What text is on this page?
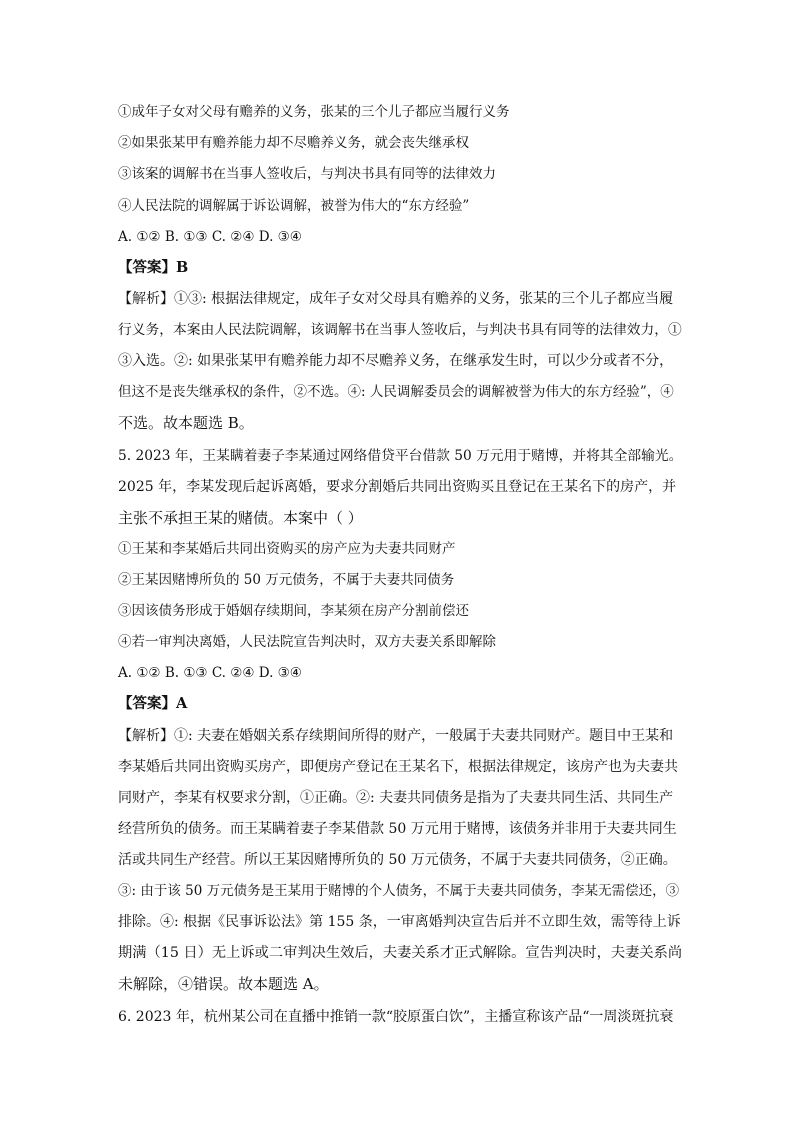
①成年子女对父母有赡养的义务，张某的三个儿子都应当履行义务
②如果张某甲有赡养能力却不尽赡养义务，就会丧失继承权
③该案的调解书在当事人签收后，与判决书具有同等的法律效力
④人民法院的调解属于诉讼调解，被誉为伟大的“东方经验”
A. ①② B. ①③ C. ②④ D. ③④
【答案】B
【解析】①③: 根据法律规定，成年子女对父母具有赡养的义务，张某的三个儿子都应当履
行义务，本案由人民法院调解，该调解书在当事人签收后，与判决书具有同等的法律效力，①
③入选。②: 如果张某甲有赡养能力却不尽赡养义务，在继承发生时，可以少分或者不分，
但这不是丧失继承权的条件，②不选。④: 人民调解委员会的调解被誉为伟大的东方经验”，④
不选。故本题选 B。
5. 2023 年，王某瞒着妻子李某通过网络借贷平台借款 50 万元用于赌博，并将其全部输光。
2025 年，李某发现后起诉离婚，要求分割婚后共同出资购买且登记在王某名下的房产，并
主张不承担王某的赌债。本案中（ ）
①王某和李某婚后共同出资购买的房产应为夫妻共同财产
②王某因赌博所负的 50 万元债务，不属于夫妻共同债务
③因该债务形成于婚姻存续期间，李某须在房产分割前偿还
④若一审判决离婚，人民法院宣告判决时，双方夫妻关系即解除
A. ①② B. ①③ C. ②④ D. ③④
【答案】A
【解析】①: 夫妻在婚姻关系存续期间所得的财产，一般属于夫妻共同财产。题目中王某和
李某婚后共同出资购买房产，即便房产登记在王某名下，根据法律规定，该房产也为夫妻共
同财产，李某有权要求分割，①正确。②: 夫妻共同债务是指为了夫妻共同生活、共同生产
经营所负的债务。而王某瞒着妻子李某借款 50 万元用于赌博，该债务并非用于夫妻共同生
活或共同生产经营。所以王某因赌博所负的 50 万元债务，不属于夫妻共同债务，②正确。
③: 由于该 50 万元债务是王某用于赌博的个人债务，不属于夫妻共同债务，李某无需偿还，③
排除。④: 根据《民事诉讼法》第 155 条，一审离婚判决宣告后并不立即生效，需等待上诉
期满（15 日）无上诉或二审判决生效后，夫妻关系才正式解除。宣告判决时，夫妻关系尚
未解除，④错误。故本题选 A。
6. 2023 年，杭州某公司在直播中推销一款“胶原蛋白饮”，主播宣称该产品“一周淡斑抗衰
